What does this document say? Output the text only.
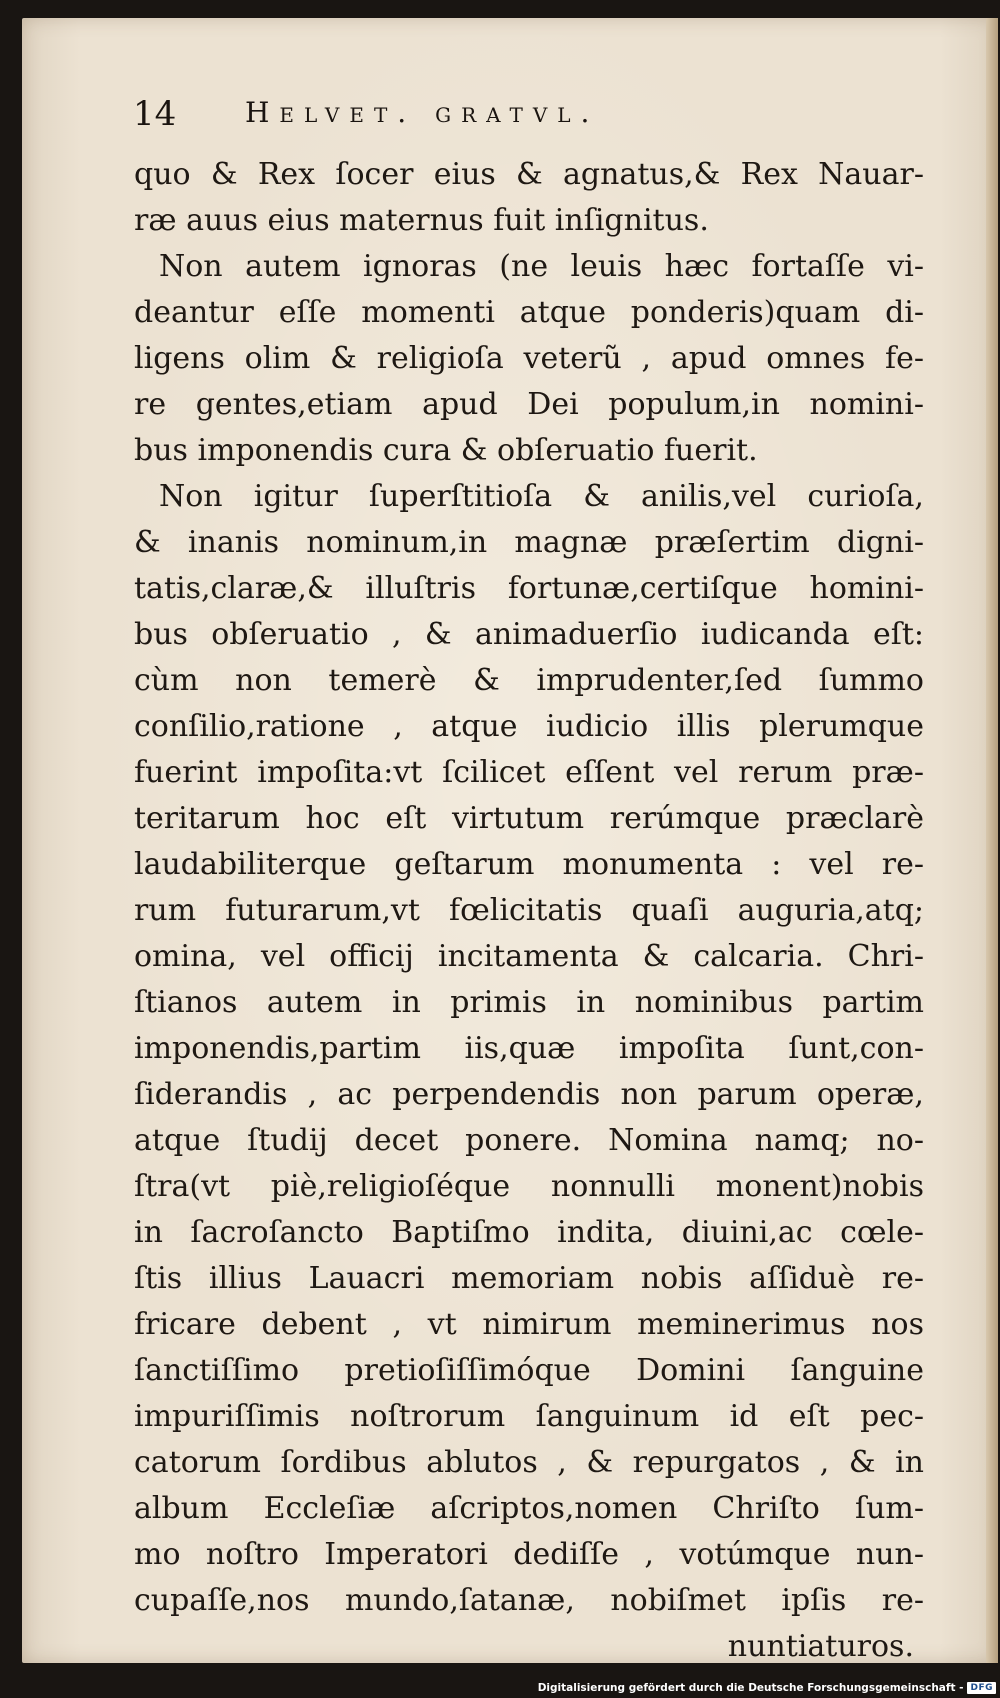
14 Helvet. gratvl.
quo & Rex ſocer eius & agnatus,& Rex Nauar-
ræ auus eius maternus fuit inſignitus.
Non autem ignoras (ne leuis hæc fortaſſe vi-
deantur eſſe momenti atque ponderis)quam di-
ligens olim & religioſa veterũ , apud omnes fe-
re gentes,etiam apud Dei populum,in nomini-
bus imponendis cura & obſeruatio fuerit.
Non igitur ſuperſtitioſa & anilis,vel curioſa,
& inanis nominum,in magnæ præſertim digni-
tatis,claræ,& illuſtris fortunæ,certiſque homini-
bus obſeruatio , & animaduerſio iudicanda eſt:
cùm non temerè & imprudenter,ſed ſummo
conſilio,ratione , atque iudicio illis plerumque
fuerint impoſita:vt ſcilicet eſſent vel rerum præ-
teritarum hoc eſt virtutum rerúmque præclarè
laudabiliterque geſtarum monumenta : vel re-
rum futurarum,vt fœlicitatis quaſi auguria,atq;
omina, vel officij incitamenta & calcaria. Chri-
ſtianos autem in primis in nominibus partim
imponendis,partim iis,quæ impoſita ſunt,con-
ſiderandis , ac perpendendis non parum operæ,
atque ſtudij decet ponere. Nomina namq; no-
ſtra(vt piè,religioſéque nonnulli monent)nobis
in ſacroſancto Baptiſmo indita, diuini,ac cœle-
ſtis illius Lauacri memoriam nobis aſſiduè re-
fricare debent , vt nimirum meminerimus nos
ſanctiſſimo pretioſiſſimóque Domini ſanguine
impuriſſimis noſtrorum ſanguinum id eſt pec-
catorum ſordibus ablutos , & repurgatos , & in
album Eccleſiæ aſcriptos,nomen Chriſto ſum-
mo noſtro Imperatori dediſſe , votúmque nun-
cupaſſe,nos mundo,ſatanæ, nobiſmet ipſis re-
nuntiaturos.
Digitalisierung gefördert durch die Deutsche Forschungsgemeinschaft - DFG
